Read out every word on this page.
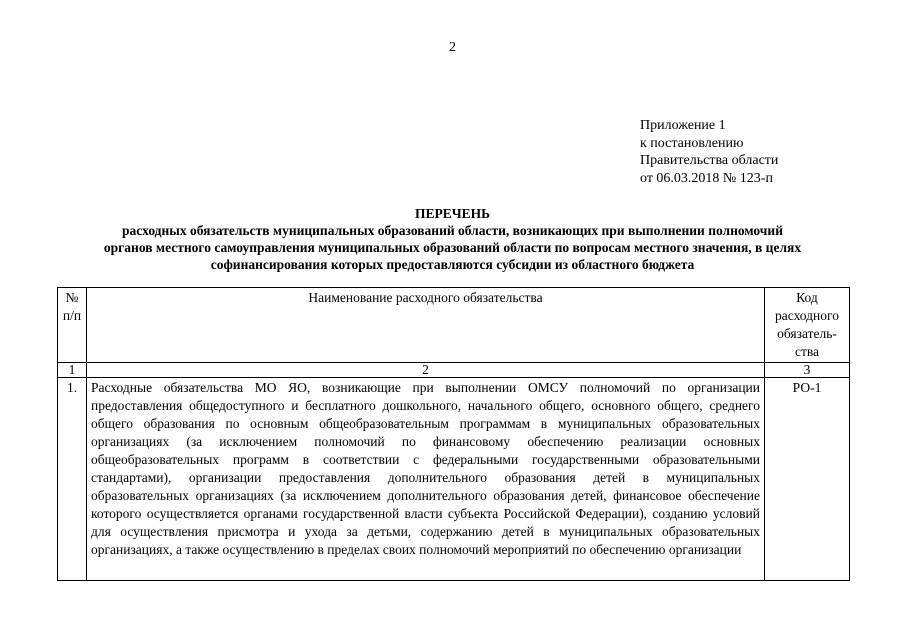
2
Приложение 1
к постановлению
Правительства области
от 06.03.2018 № 123-п
ПЕРЕЧЕНЬ
расходных обязательств муниципальных образований области, возникающих при выполнении полномочий
органов местного самоуправления муниципальных образований области по вопросам местного значения, в целях
софинансирования которых предоставляются субсидии из областного бюджета
№ п/п	Наименование расходного обязательства	Код расходного обязатель-ства
1	2	3
1.	Расходные обязательства МО ЯО, возникающие при выполнении ОМСУ полномочий по организации предоставления общедоступного и бесплатного дошкольного, начального общего, основного общего, среднего общего образования по основным общеобразовательным программам в муниципальных образовательных организациях (за исключением полномочий по финансовому обеспечению реализации основных общеобразовательных программ в соответствии с федеральными государственными образовательными стандартами), организации предоставления дополнительного образования детей в муниципальных образовательных организациях (за исключением дополнительного образования детей, финансовое обеспечение которого осуществляется органами государственной власти субъекта Российской Федерации), созданию условий для осуществления присмотра и ухода за детьми, содержанию детей в муниципальных образовательных организациях, а также осуществлению в пределах своих полномочий мероприятий по обеспечению организации	РО-1
